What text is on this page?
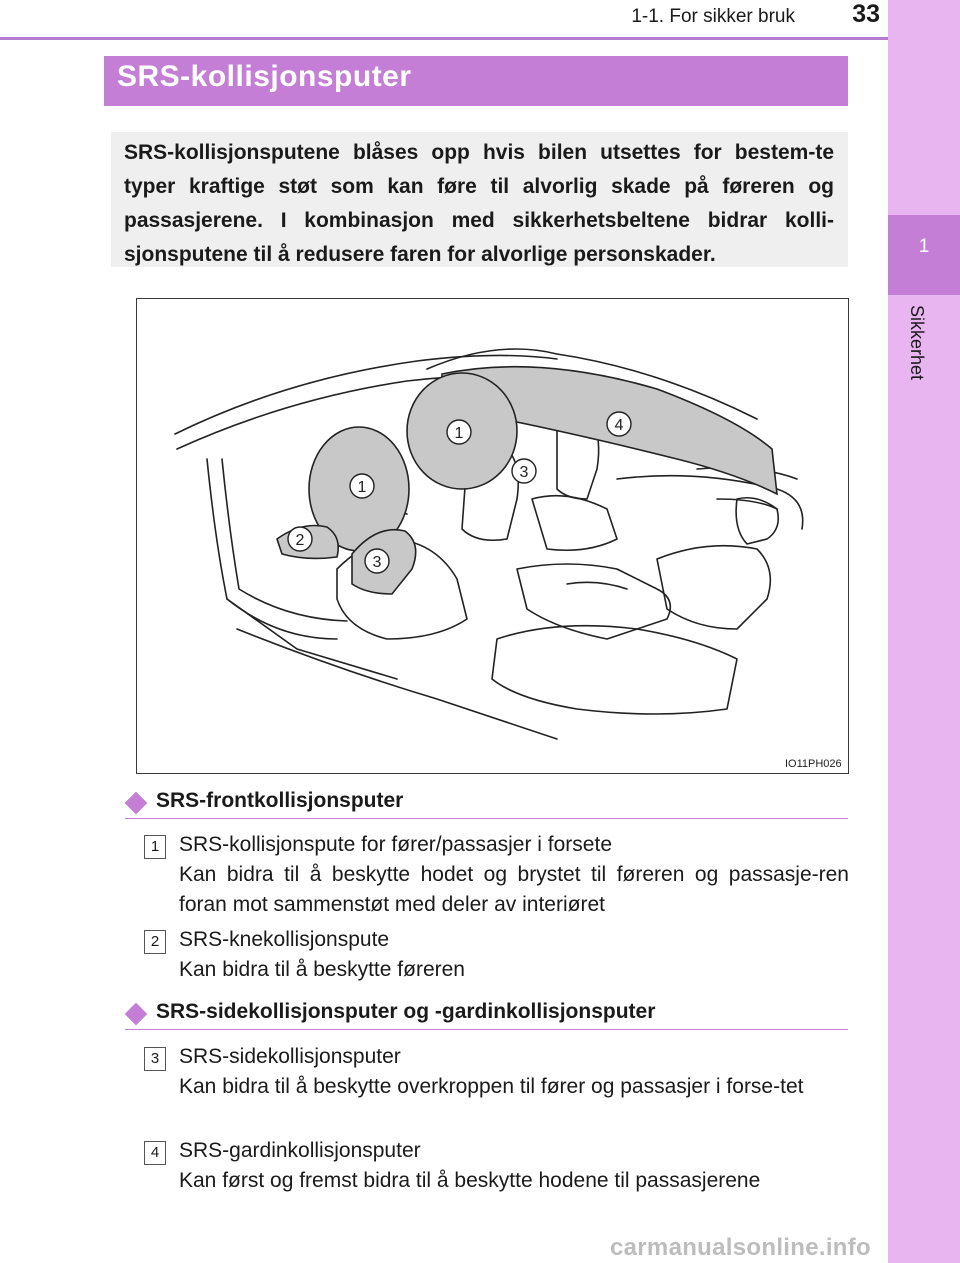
1-1. For sikker bruk	33
1
Sikkerhet
SRS-kollisjonsputer
SRS-kollisjonsputene blåses opp hvis bilen utsettes for bestem-te typer kraftige støt som kan føre til alvorlig skade på føreren og passasjerene. I kombinasjon med sikkerhetsbeltene bidrar kolli-sjonsputene til å redusere faren for alvorlige personskader.
1
1
2
3
3
4
IO11PH026
SRS-frontkollisjonsputer
1 SRS-kollisjonspute for fører/passasjer i forsete
Kan bidra til å beskytte hodet og brystet til føreren og passasje-ren foran mot sammenstøt med deler av interiøret
2 SRS-knekollisjonspute
Kan bidra til å beskytte føreren
SRS-sidekollisjonsputer og -gardinkollisjonsputer
3 SRS-sidekollisjonsputer
Kan bidra til å beskytte overkroppen til fører og passasjer i forse-tet
4 SRS-gardinkollisjonsputer
Kan først og fremst bidra til å beskytte hodene til passasjerene
carmanualsonline.info
